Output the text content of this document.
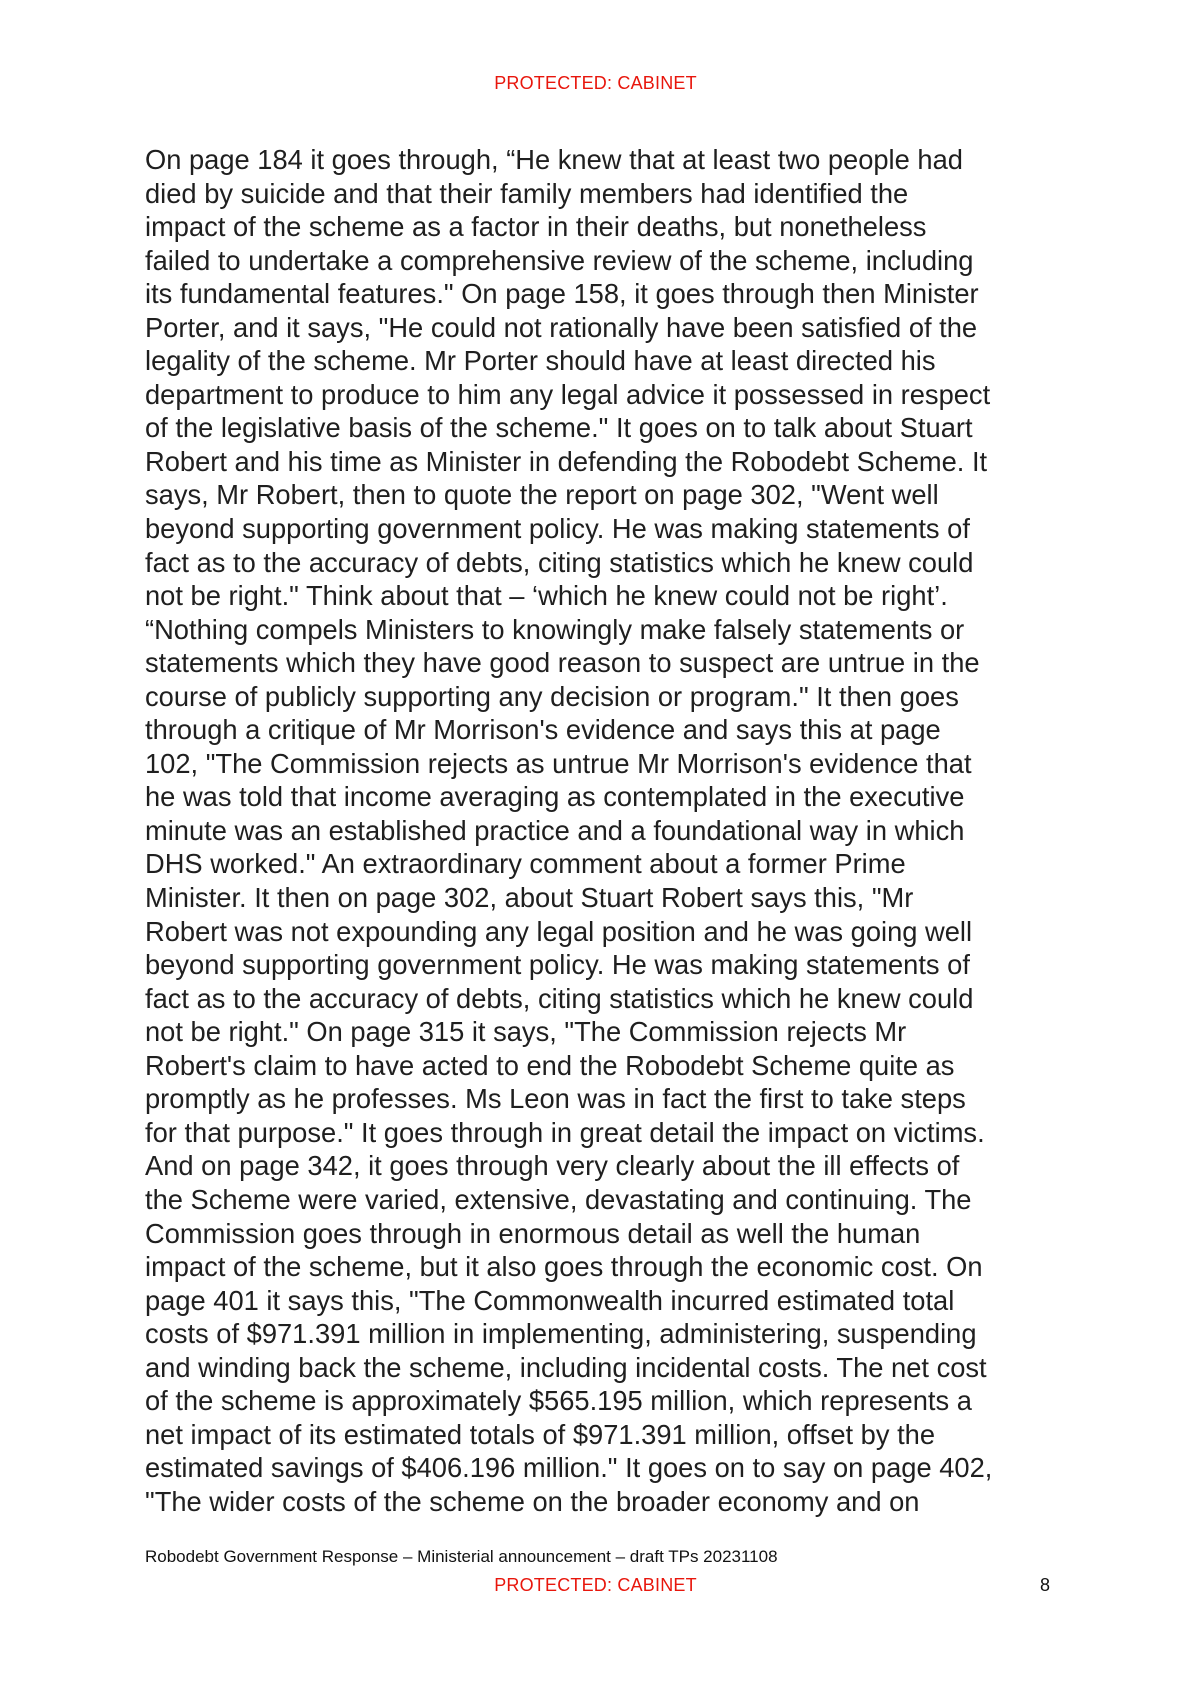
PROTECTED: CABINET
On page 184 it goes through, “He knew that at least two people had
died by suicide and that their family members had identified the
impact of the scheme as a factor in their deaths, but nonetheless
failed to undertake a comprehensive review of the scheme, including
its fundamental features." On page 158, it goes through then Minister
Porter, and it says, "He could not rationally have been satisfied of the
legality of the scheme. Mr Porter should have at least directed his
department to produce to him any legal advice it possessed in respect
of the legislative basis of the scheme." It goes on to talk about Stuart
Robert and his time as Minister in defending the Robodebt Scheme. It
says, Mr Robert, then to quote the report on page 302, "Went well
beyond supporting government policy. He was making statements of
fact as to the accuracy of debts, citing statistics which he knew could
not be right." Think about that – ‘which he knew could not be right’.
“Nothing compels Ministers to knowingly make falsely statements or
statements which they have good reason to suspect are untrue in the
course of publicly supporting any decision or program." It then goes
through a critique of Mr Morrison's evidence and says this at page
102, "The Commission rejects as untrue Mr Morrison's evidence that
he was told that income averaging as contemplated in the executive
minute was an established practice and a foundational way in which
DHS worked." An extraordinary comment about a former Prime
Minister. It then on page 302, about Stuart Robert says this, "Mr
Robert was not expounding any legal position and he was going well
beyond supporting government policy. He was making statements of
fact as to the accuracy of debts, citing statistics which he knew could
not be right." On page 315 it says, "The Commission rejects Mr
Robert's claim to have acted to end the Robodebt Scheme quite as
promptly as he professes. Ms Leon was in fact the first to take steps
for that purpose." It goes through in great detail the impact on victims.
And on page 342, it goes through very clearly about the ill effects of
the Scheme were varied, extensive, devastating and continuing. The
Commission goes through in enormous detail as well the human
impact of the scheme, but it also goes through the economic cost. On
page 401 it says this, "The Commonwealth incurred estimated total
costs of $971.391 million in implementing, administering, suspending
and winding back the scheme, including incidental costs. The net cost
of the scheme is approximately $565.195 million, which represents a
net impact of its estimated totals of $971.391 million, offset by the
estimated savings of $406.196 million." It goes on to say on page 402,
"The wider costs of the scheme on the broader economy and on
Robodebt Government Response – Ministerial announcement – draft TPs 20231108
PROTECTED: CABINET	8
